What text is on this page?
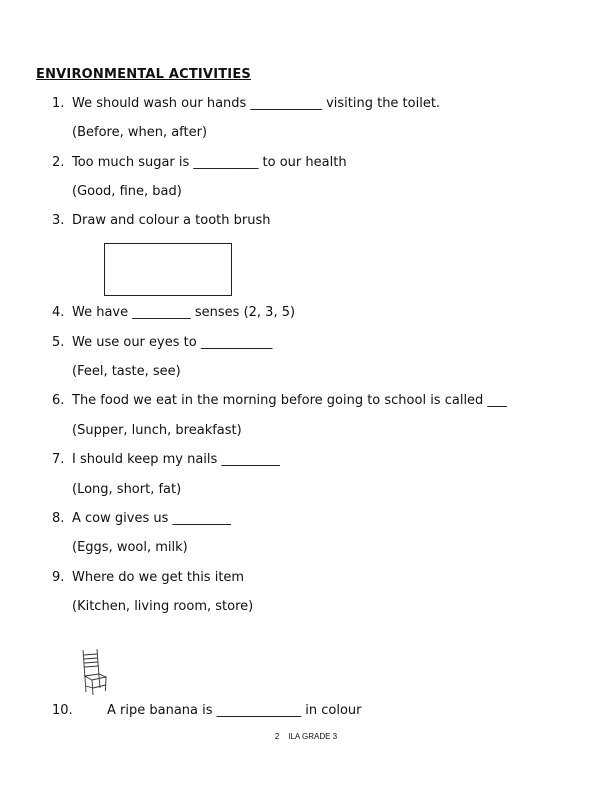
ENVIRONMENTAL ACTIVITIES
1. We should wash our hands ___________ visiting the toilet.
(Before, when, after)
2. Too much sugar is __________ to our health
(Good, fine, bad)
3. Draw and colour a tooth brush
4. We have _________ senses (2, 3, 5)
5. We use our eyes to ___________
(Feel, taste, see)
6. The food we eat in the morning before going to school is called ___
(Supper, lunch, breakfast)
7. I should keep my nails _________
(Long, short, fat)
8. A cow gives us _________
(Eggs, wool, milk)
9. Where do we get this item
(Kitchen, living room, store)
10.	A ripe banana is _____________ in colour
2    ILA GRADE 3
